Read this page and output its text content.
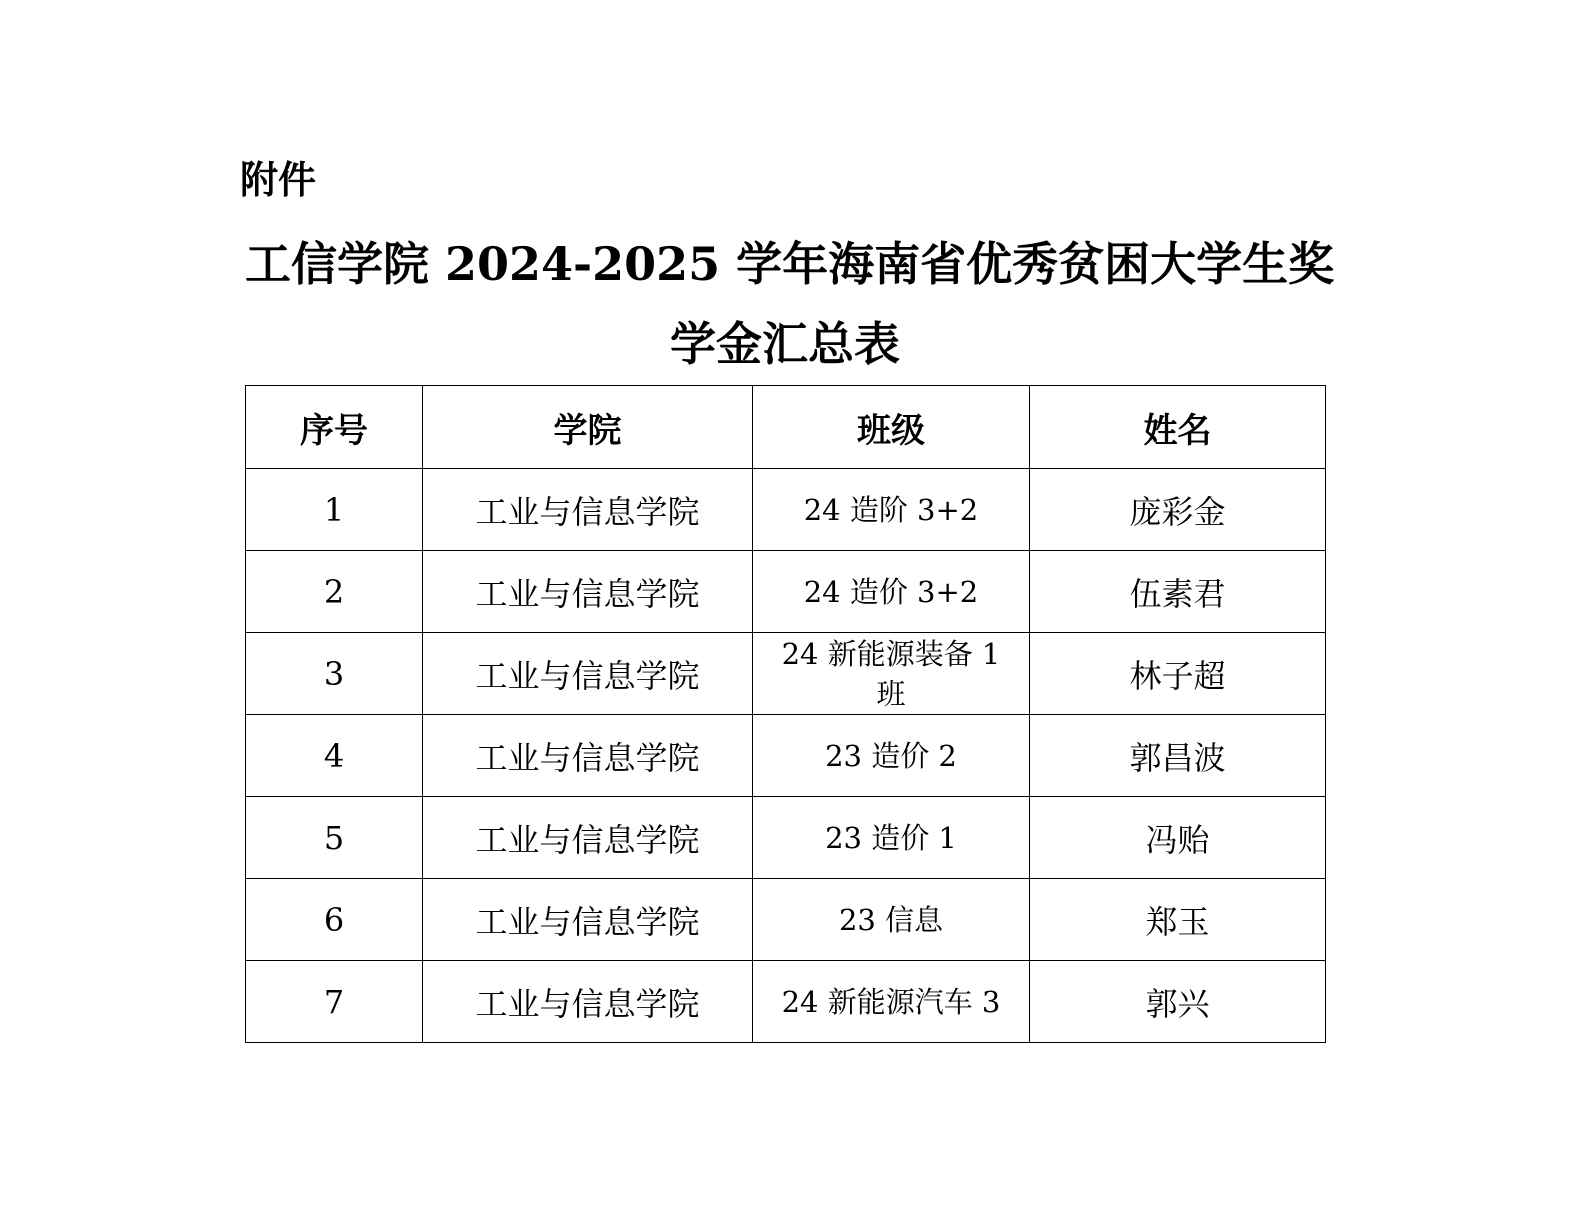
附件
工信学院 2024-2025 学年海南省优秀贫困大学生奖
学金汇总表
序号	学院	班级	姓名
1	工业与信息学院	24 造阶 3+2	庞彩金
2	工业与信息学院	24 造价 3+2	伍素君
3	工业与信息学院	24 新能源装备 1 班	林子超
4	工业与信息学院	23 造价 2	郭昌波
5	工业与信息学院	23 造价 1	冯贻
6	工业与信息学院	23 信息	郑玉
7	工业与信息学院	24 新能源汽车 3	郭兴
